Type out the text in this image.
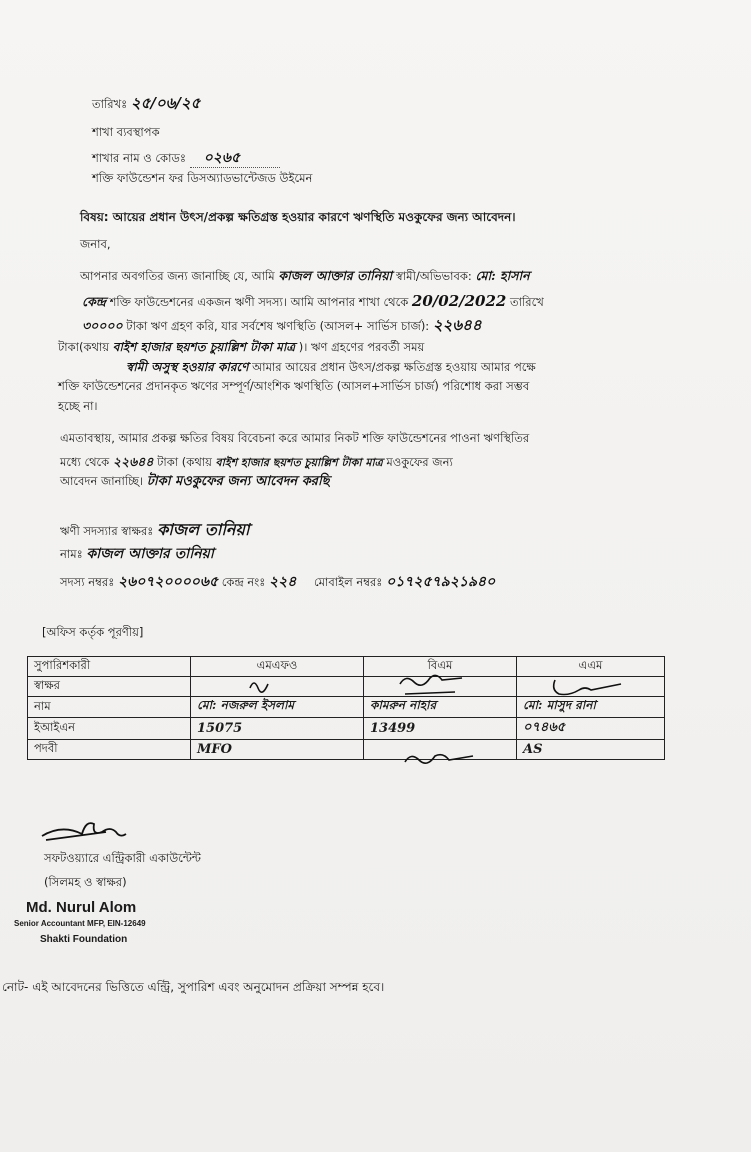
তারিখঃ ২৫/০৬/২৫
শাখা ব্যবস্থাপক
শাখার নাম ও কোডঃ ০২৬৫
শক্তি ফাউন্ডেশন ফর ডিসঅ্যাডভান্টেজড উইমেন
বিষয়: আয়ের প্রধান উৎস/প্রকল্প ক্ষতিগ্রস্ত হওয়ার কারণে ঋণস্থিতি মওকুফের জন্য আবেদন।
জনাব,
আপনার অবগতির জন্য জানাচ্ছি যে, আমি কাজল আক্তার তানিয়া স্বামী/অভিভাবক: মো: হাসান
কেন্দ্র শক্তি ফাউন্ডেশনের একজন ঋণী সদস্য। আমি আপনার শাখা থেকে 20/02/2022 তারিখে
৩০০০০ টাকা ঋণ গ্রহণ করি, যার সর্বশেষ ঋণস্থিতি (আসল+ সার্ভিস চার্জ): ২২৬৪৪
টাকা(কথায় বাইশ হাজার ছয়শত চুয়াল্লিশ টাকা মাত্র )। ঋণ গ্রহণের পরবর্তী সময়
স্বামী অসুস্থ হওয়ার কারণে আমার আয়ের প্রধান উৎস/প্রকল্প ক্ষতিগ্রস্ত হওয়ায় আমার পক্ষে
শক্তি ফাউন্ডেশনের প্রদানকৃত ঋণের সম্পূর্ণ/আংশিক ঋণস্থিতি (আসল+সার্ভিস চার্জ) পরিশোধ করা সম্ভব
হচ্ছে না।
এমতাবস্থায়, আমার প্রকল্প ক্ষতির বিষয় বিবেচনা করে আমার নিকট শক্তি ফাউন্ডেশনের পাওনা ঋণস্থিতির
মধ্যে থেকে ২২৬৪৪ টাকা (কথায় বাইশ হাজার ছয়শত চুয়াল্লিশ টাকা মাত্র মওকুফের জন্য
আবেদন জানাচ্ছি। টাকা মওকুফের জন্য আবেদন করছি
ঋণী সদস্যার স্বাক্ষরঃ কাজল তানিয়া
নামঃ কাজল আক্তার তানিয়া
সদস্য নম্বরঃ ২৬০৭২০০০০৬৫ কেন্দ্র নংঃ ২২৪ মোবাইল নম্বরঃ ০১৭২৫৭৯২১৯৪০
[অফিস কর্তৃক পূরণীয়]
সুপারিশকারী	এমএফও	বিএম	এএম
স্বাক্ষর			
নাম	মো: নজরুল ইসলাম	কামরুন নাহার	মো: মাসুদ রানা
ইআইএন	15075	13499	০৭৪৬৫
পদবী	MFO		AS
সফটওয়্যারে এন্ট্রিকারী একাউন্টেন্ট
(সিলমহ ও স্বাক্ষর)
Md. Nurul Alom
Senior Accountant MFP, EIN-12649
Shakti Foundation
নোট- এই আবেদনের ভিত্তিতে এন্ট্রি, সুপারিশ এবং অনুমোদন প্রক্রিয়া সম্পন্ন হবে।
